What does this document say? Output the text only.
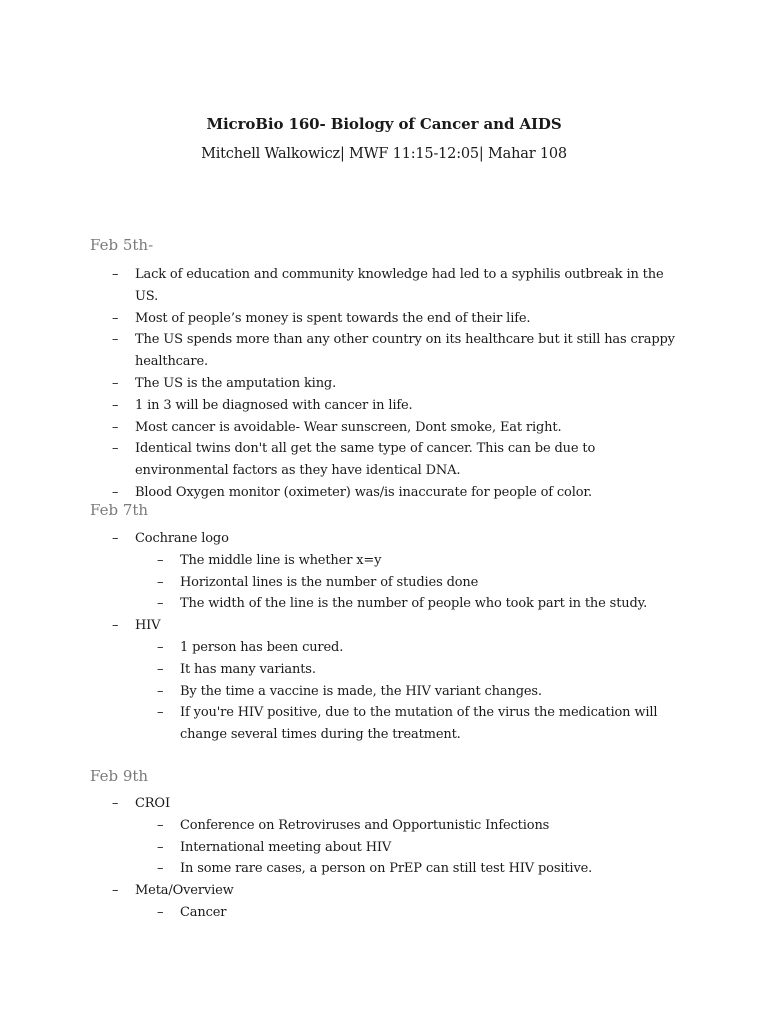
MicroBio 160- Biology of Cancer and AIDS
Mitchell Walkowicz| MWF 11:15-12:05| Mahar 108
Feb 5th-
– Lack of education and community knowledge had led to a syphilis outbreak in the US.
– Most of people’s money is spent towards the end of their life.
– The US spends more than any other country on its healthcare but it still has crappy healthcare.
– The US is the amputation king.
– 1 in 3 will be diagnosed with cancer in life.
– Most cancer is avoidable- Wear sunscreen, Dont smoke, Eat right.
– Identical twins don't all get the same type of cancer. This can be due to environmental factors as they have identical DNA.
– Blood Oxygen monitor (oximeter) was/is inaccurate for people of color.
Feb 7th
– Cochrane logo
– The middle line is whether x=y
– Horizontal lines is the number of studies done
– The width of the line is the number of people who took part in the study.
– HIV
– 1 person has been cured.
– It has many variants.
– By the time a vaccine is made, the HIV variant changes.
– If you're HIV positive, due to the mutation of the virus the medication will change several times during the treatment.
Feb 9th
– CROI
– Conference on Retroviruses and Opportunistic Infections
– International meeting about HIV
– In some rare cases, a person on PrEP can still test HIV positive.
– Meta/Overview
– Cancer
